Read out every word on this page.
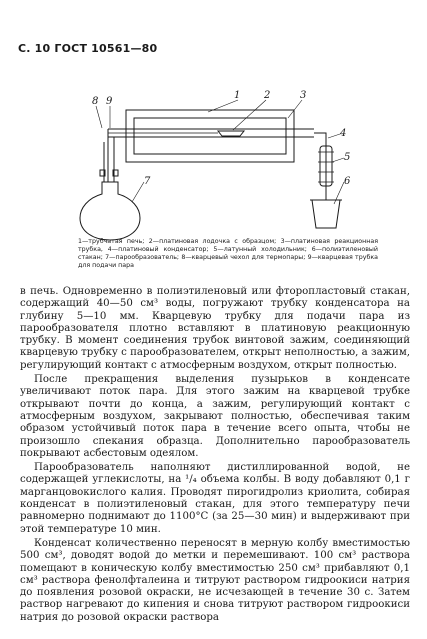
С. 10 ГОСТ 10561—80
8 9
1 2	3
4
5
6
7
1—трубчатая печь; 2—платиновая лодочка с образцом; 3—платиновая реакционная трубка, 4—платиновый конденсатор; 5—латунный холодильник; 6—полиэтиленовый стакан; 7—парообразователь; 8—кварцевый чехол для термопары; 9—кварцевая трубка для подачи пара

в печь. Одновременно в полиэтиленовый или фторопластовый стакан, содержащий 40—50 см³ воды, погружают трубку конденсатора на глубину 5—10 мм. Кварцевую трубку для подачи пара из парообразователя плотно вставляют в платиновую реакционную трубку. В момент соединения трубок винтовой зажим, соединяющий кварцевую трубку с парообразователем, открыт неполностью, а зажим, регулирующий контакт с атмосферным воздухом, открыт полностью.

После прекращения выделения пузырьков в конденсате увеличивают поток пара. Для этого зажим на кварцевой трубке открывают почти до конца, а зажим, регулирующий контакт с атмосферным воздухом, закрывают полностью, обеспечивая таким образом устойчивый поток пара в течение всего опыта, чтобы не произошло спекания образца. Дополнительно парообразователь покрывают асбестовым одеялом.

Парообразователь наполняют дистиллированной водой, не содержащей углекислоты, на ¹/₄ объема колбы. В воду добавляют 0,1 г марганцовокислого калия. Проводят пирогидролиз криолита, собирая конденсат в полиэтиленовый стакан, для этого температуру печи равномерно поднимают до 1100°С (за 25—30 мин) и выдерживают при этой температуре 10 мин.

Конденсат количественно переносят в мерную колбу вместимостью 500 см³, доводят водой до метки и перемешивают. 100 см³ раствора помещают в коническую колбу вместимостью 250 см³ прибавляют 0,1 см³ раствора фенолфталеина и титруют раствором гидроокиси натрия до появления розовой окраски, не исчезающей в течение 30 с. Затем раствор нагревают до кипения и снова титруют раствором гидроокиси натрия до розовой окраски раствора
